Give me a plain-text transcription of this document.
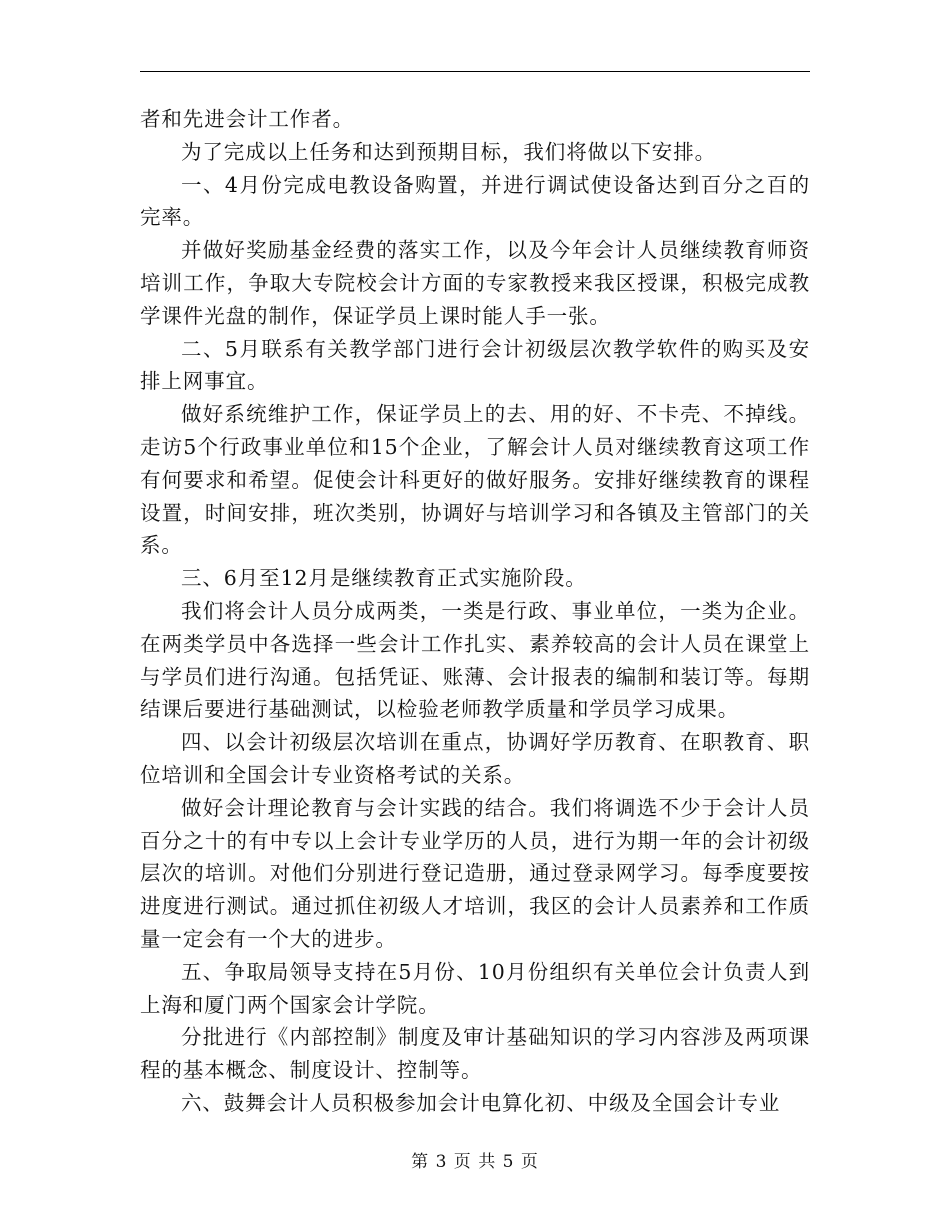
者和先进会计工作者。

为了完成以上任务和达到预期目标，我们将做以下安排。

一、4月份完成电教设备购置，并进行调试使设备达到百分之百的完率。

并做好奖励基金经费的落实工作，以及今年会计人员继续教育师资培训工作，争取大专院校会计方面的专家教授来我区授课，积极完成教学课件光盘的制作，保证学员上课时能人手一张。

二、5月联系有关教学部门进行会计初级层次教学软件的购买及安排上网事宜。

做好系统维护工作，保证学员上的去、用的好、不卡壳、不掉线。走访5个行政事业单位和15个企业，了解会计人员对继续教育这项工作有何要求和希望。促使会计科更好的做好服务。安排好继续教育的课程设置，时间安排，班次类别，协调好与培训学习和各镇及主管部门的关系。

三、6月至12月是继续教育正式实施阶段。

我们将会计人员分成两类，一类是行政、事业单位，一类为企业。在两类学员中各选择一些会计工作扎实、素养较高的会计人员在课堂上与学员们进行沟通。包括凭证、账薄、会计报表的编制和装订等。每期结课后要进行基础测试，以检验老师教学质量和学员学习成果。

四、以会计初级层次培训在重点，协调好学历教育、在职教育、职位培训和全国会计专业资格考试的关系。

做好会计理论教育与会计实践的结合。我们将调选不少于会计人员百分之十的有中专以上会计专业学历的人员，进行为期一年的会计初级层次的培训。对他们分别进行登记造册，通过登录网学习。每季度要按进度进行测试。通过抓住初级人才培训，我区的会计人员素养和工作质量一定会有一个大的进步。

五、争取局领导支持在5月份、10月份组织有关单位会计负责人到上海和厦门两个国家会计学院。

分批进行《内部控制》制度及审计基础知识的学习内容涉及两项课程的基本概念、制度设计、控制等。

六、鼓舞会计人员积极参加会计电算化初、中级及全国会计专业

第 3 页 共 5 页
